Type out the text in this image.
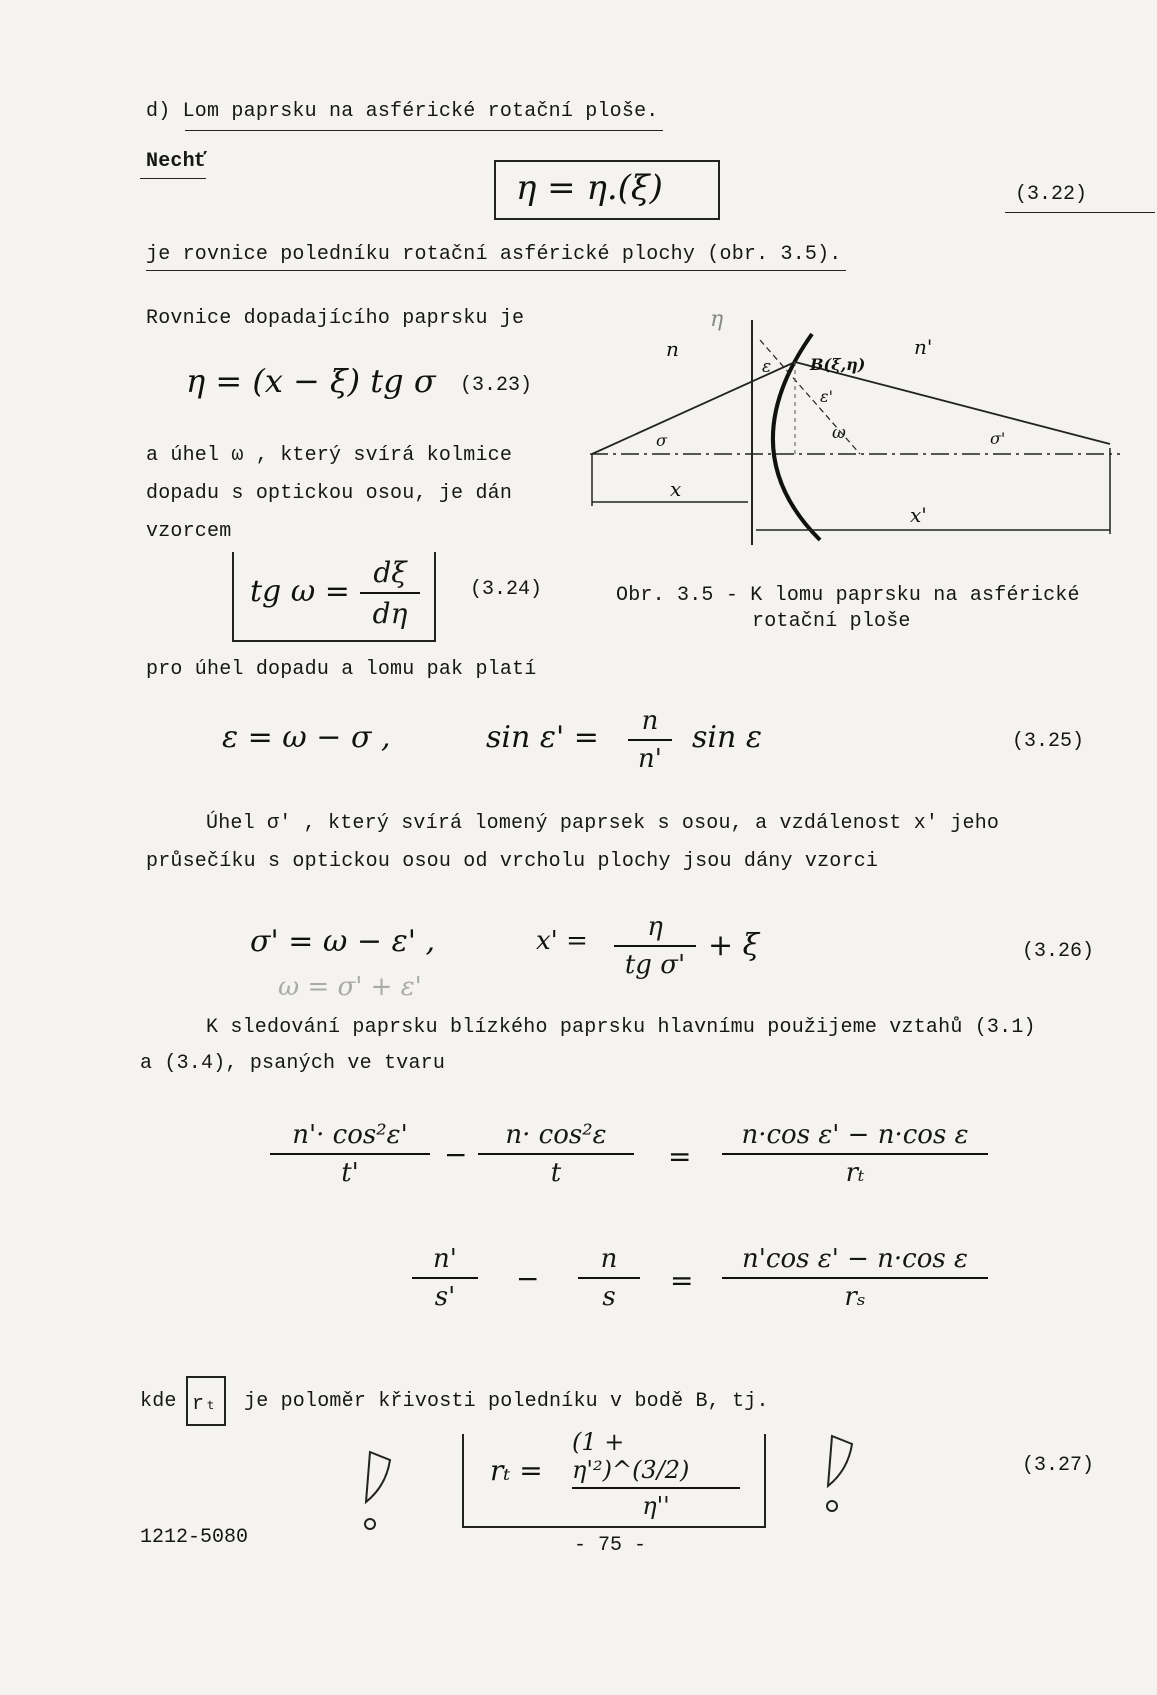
d) Lom paprsku na asférické rotační ploše.
Nechť
η = η.(ξ)	(3.22)
je rovnice poledníku rotační asférické plochy (obr. 3.5).
Rovnice dopadajícího paprsku je
η = (x − ξ) tg σ (3.23)
a úhel ω , který svírá kolmice
dopadu s optickou osou, je dán
vzorcem
tg ω =
dξ
dη
(3.24)
η
n	n'
B(ξ,η)
ε
ε'
ω
σ	σ'
x
x'
Obr. 3.5 - K lomu paprsku na asférické
rotační ploše
pro úhel dopadu a lomu pak platí
ε = ω − σ ,	sin ε' = n
n'
sin ε	(3.25)
Úhel σ' , který svírá lomený paprsek s osou, a vzdálenost x' jeho
průsečíku s optickou osou od vrcholu plochy jsou dány vzorci
σ' = ω − ε' ,	x' = η
tg σ'
+ ξ
ω = σ' + ε'
(3.26)
K sledování paprsku blízkého paprsku hlavnímu použijeme vztahů (3.1)
a (3.4), psaných ve tvaru
n'· cos²ε'
t'
−
n· cos²ε
t	=
n·cos ε' − n·cos ε
rₜ
n'
s'
−
n
s =
n'cos ε' − n·cos ε
rₛ
kde rₜ je poloměr křivosti poledníku v bodě B, tj.
rₜ =
(1 + η'²)^(3/2)
η''
(3.27)
1212-5080	- 75 -
